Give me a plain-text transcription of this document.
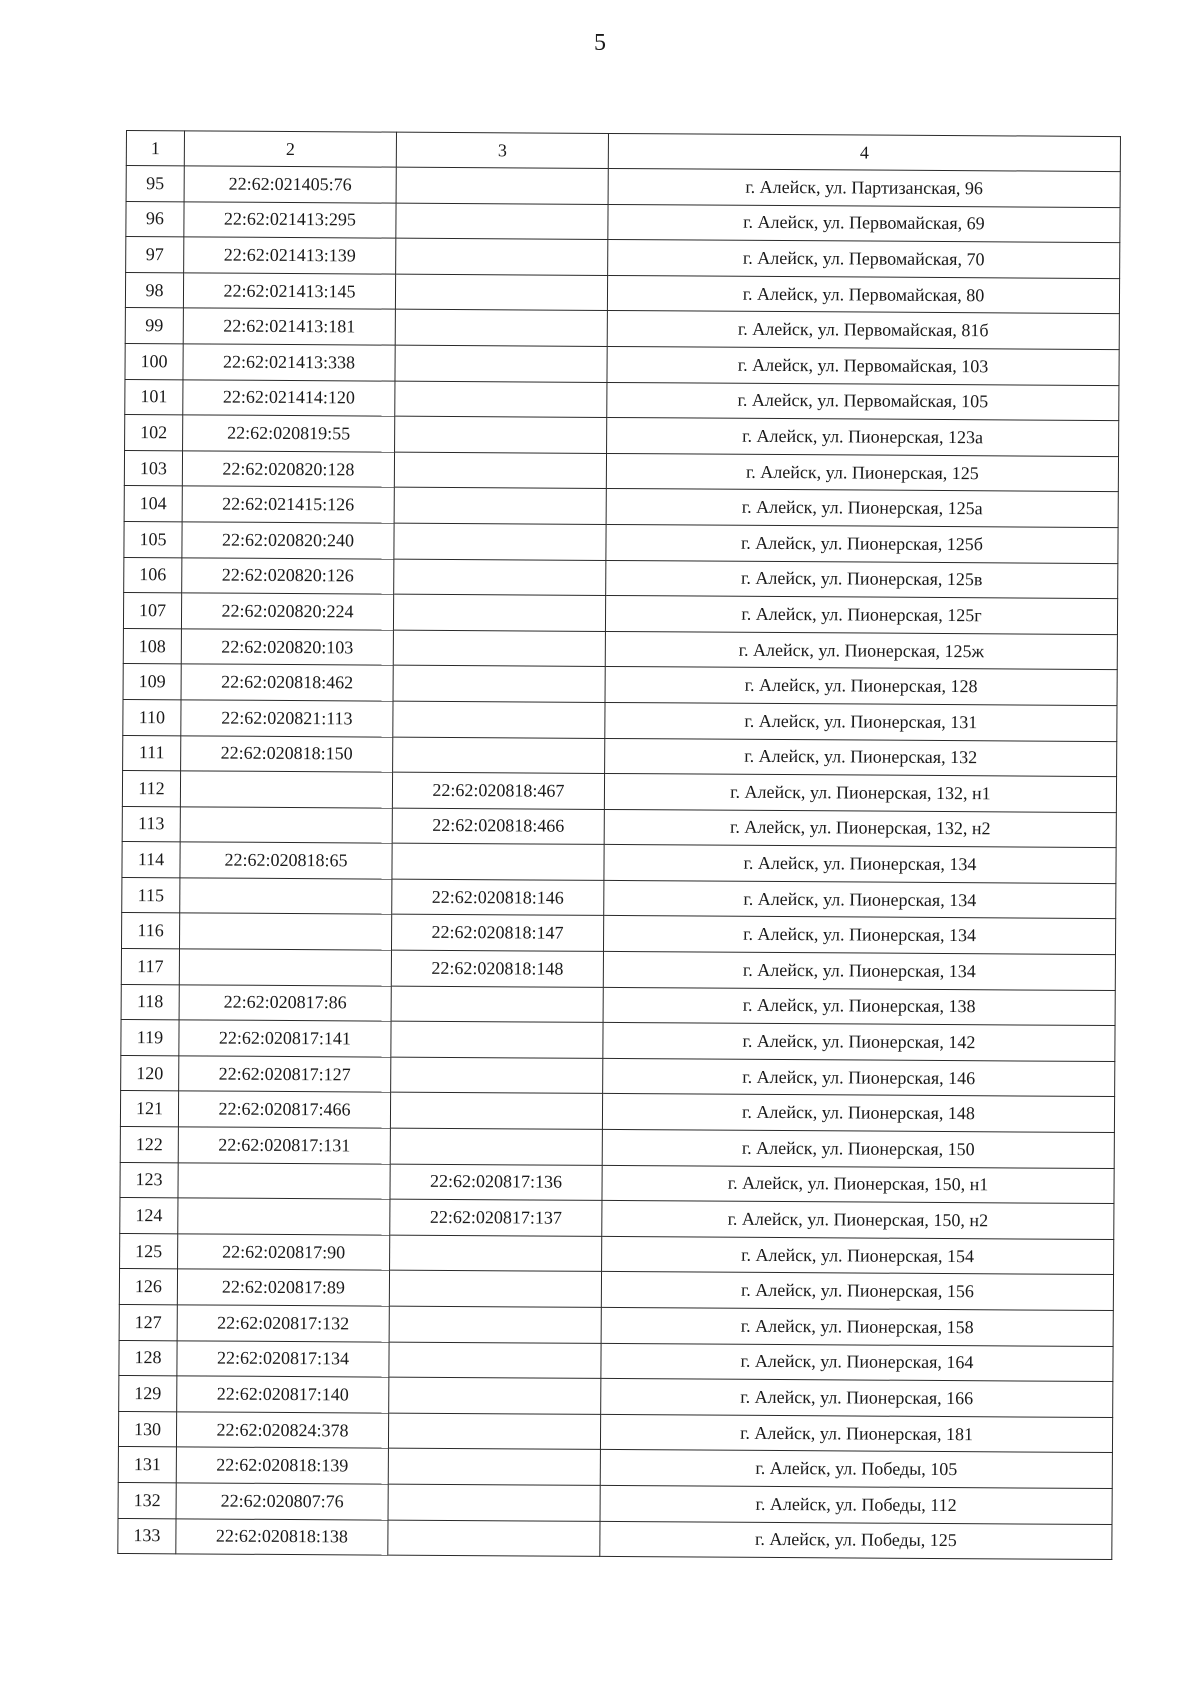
5
1	2	3	4
95	22:62:021405:76		г. Алейск, ул. Партизанская, 96
96	22:62:021413:295		г. Алейск, ул. Первомайская, 69
97	22:62:021413:139		г. Алейск, ул. Первомайская, 70
98	22:62:021413:145		г. Алейск, ул. Первомайская, 80
99	22:62:021413:181		г. Алейск, ул. Первомайская, 81б
100	22:62:021413:338		г. Алейск, ул. Первомайская, 103
101	22:62:021414:120		г. Алейск, ул. Первомайская, 105
102	22:62:020819:55		г. Алейск, ул. Пионерская, 123а
103	22:62:020820:128		г. Алейск, ул. Пионерская, 125
104	22:62:021415:126		г. Алейск, ул. Пионерская, 125а
105	22:62:020820:240		г. Алейск, ул. Пионерская, 125б
106	22:62:020820:126		г. Алейск, ул. Пионерская, 125в
107	22:62:020820:224		г. Алейск, ул. Пионерская, 125г
108	22:62:020820:103		г. Алейск, ул. Пионерская, 125ж
109	22:62:020818:462		г. Алейск, ул. Пионерская, 128
110	22:62:020821:113		г. Алейск, ул. Пионерская, 131
111	22:62:020818:150		г. Алейск, ул. Пионерская, 132
112		22:62:020818:467	г. Алейск, ул. Пионерская, 132, н1
113		22:62:020818:466	г. Алейск, ул. Пионерская, 132, н2
114	22:62:020818:65		г. Алейск, ул. Пионерская, 134
115		22:62:020818:146	г. Алейск, ул. Пионерская, 134
116		22:62:020818:147	г. Алейск, ул. Пионерская, 134
117		22:62:020818:148	г. Алейск, ул. Пионерская, 134
118	22:62:020817:86		г. Алейск, ул. Пионерская, 138
119	22:62:020817:141		г. Алейск, ул. Пионерская, 142
120	22:62:020817:127		г. Алейск, ул. Пионерская, 146
121	22:62:020817:466		г. Алейск, ул. Пионерская, 148
122	22:62:020817:131		г. Алейск, ул. Пионерская, 150
123		22:62:020817:136	г. Алейск, ул. Пионерская, 150, н1
124		22:62:020817:137	г. Алейск, ул. Пионерская, 150, н2
125	22:62:020817:90		г. Алейск, ул. Пионерская, 154
126	22:62:020817:89		г. Алейск, ул. Пионерская, 156
127	22:62:020817:132		г. Алейск, ул. Пионерская, 158
128	22:62:020817:134		г. Алейск, ул. Пионерская, 164
129	22:62:020817:140		г. Алейск, ул. Пионерская, 166
130	22:62:020824:378		г. Алейск, ул. Пионерская, 181
131	22:62:020818:139		г. Алейск, ул. Победы, 105
132	22:62:020807:76		г. Алейск, ул. Победы, 112
133	22:62:020818:138		г. Алейск, ул. Победы, 125
